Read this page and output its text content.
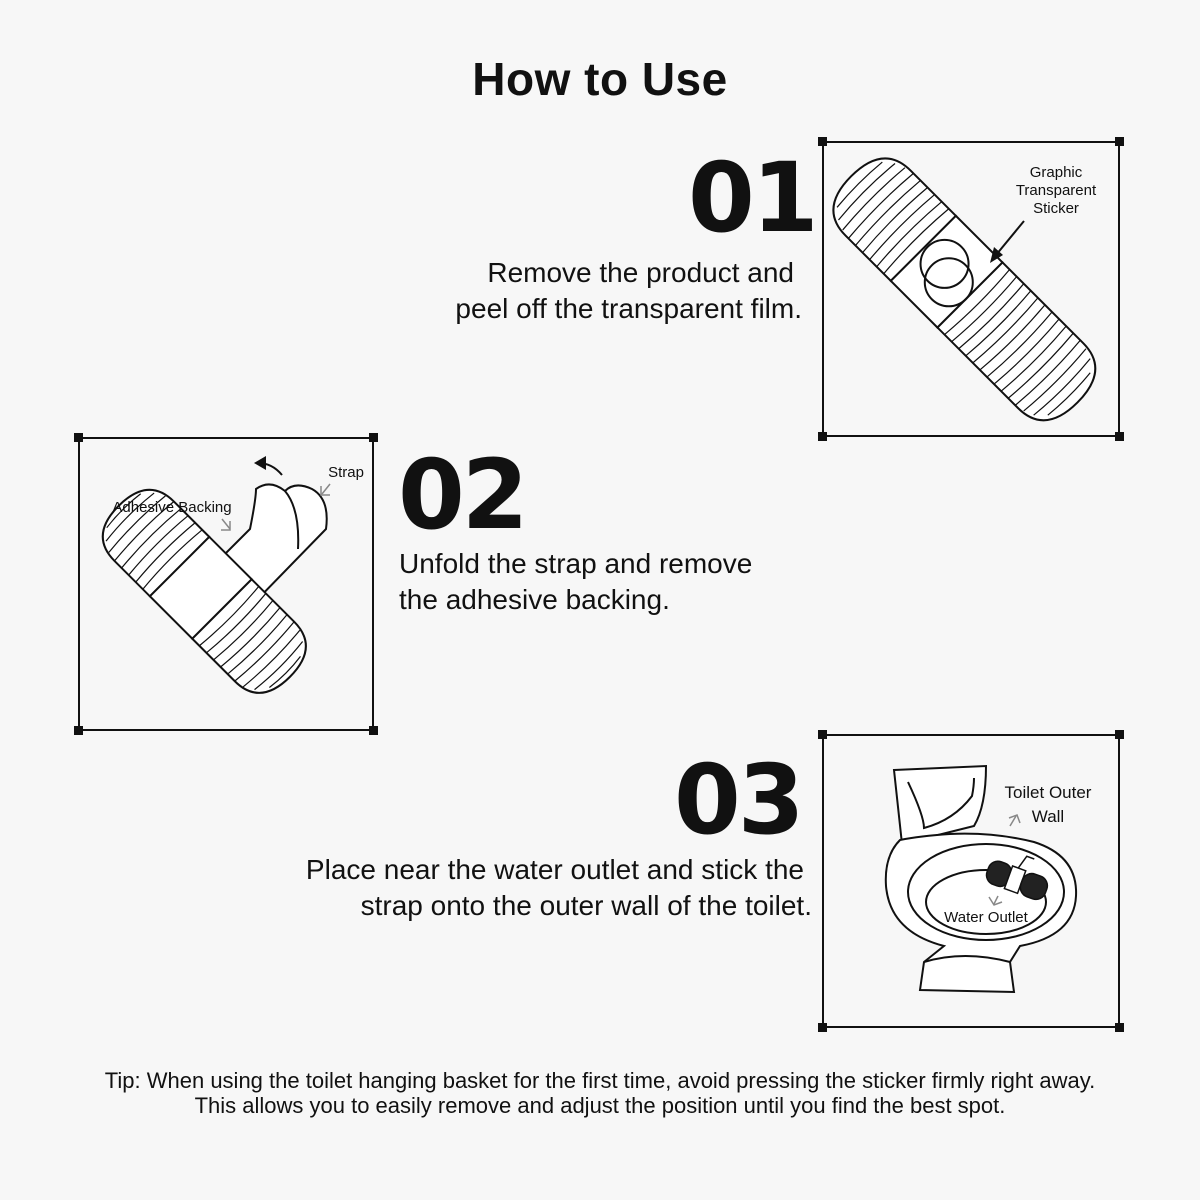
How to Use
01
Remove the product and
peel off the transparent film.
Graphic
Transparent
Sticker
Strap
Adhesive Backing 02
Unfold the strap and remove
the adhesive backing.
03
Place near the water outlet and stick the
strap onto the outer wall of the toilet.
Toilet Outer
Wall
Water Outlet
Tip: When using the toilet hanging basket for the first time, avoid pressing the sticker firmly right away.
This allows you to easily remove and adjust the position until you find the best spot.
